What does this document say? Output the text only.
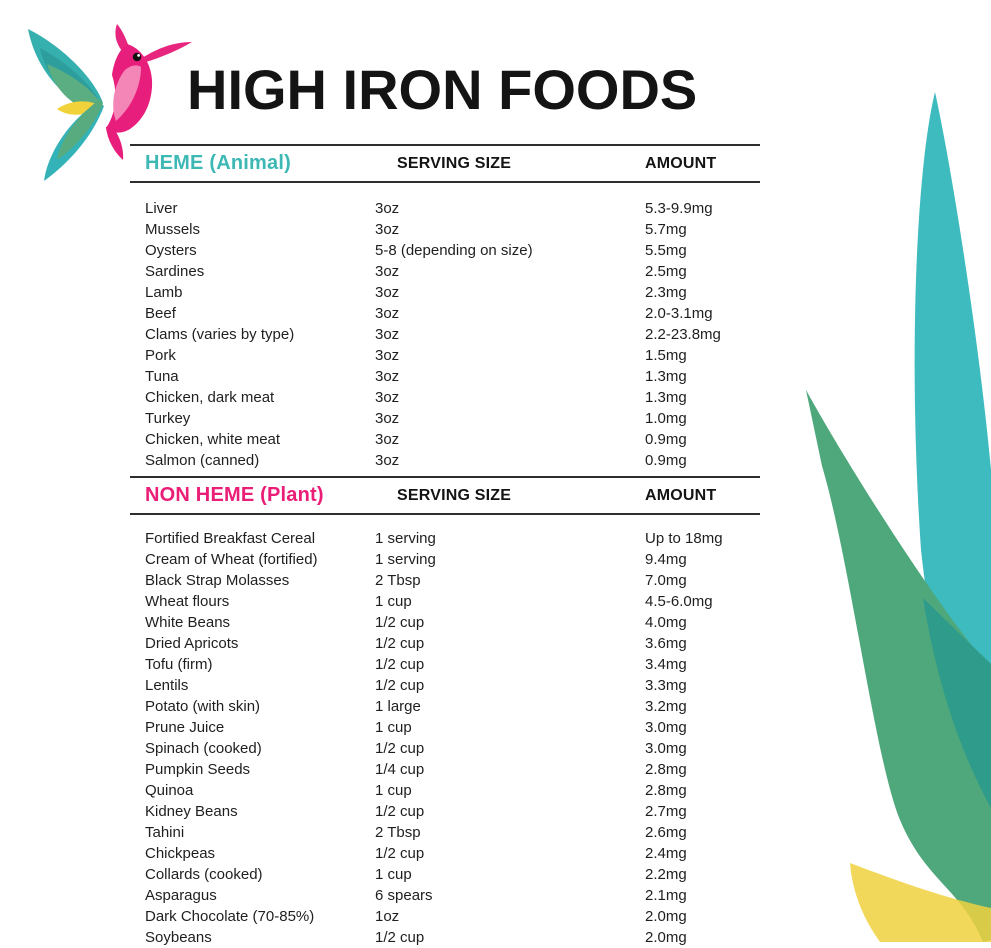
HIGH IRON FOODS
HEME (Animal)	SERVING SIZE	AMOUNT
Liver	3oz	5.3-9.9mg
Mussels	3oz	5.7mg
Oysters	5-8 (depending on size)	5.5mg
Sardines	3oz	2.5mg
Lamb	3oz	2.3mg
Beef	3oz	2.0-3.1mg
Clams (varies by type)	3oz	2.2-23.8mg
Pork	3oz	1.5mg
Tuna	3oz	1.3mg
Chicken, dark meat	3oz	1.3mg
Turkey	3oz	1.0mg
Chicken, white meat	3oz	0.9mg
Salmon (canned)	3oz	0.9mg
NON HEME (Plant)	SERVING SIZE	AMOUNT
Fortified Breakfast Cereal	1 serving	Up to 18mg
Cream of Wheat (fortified)	1 serving	9.4mg
Black Strap Molasses	2 Tbsp	7.0mg
Wheat flours	1 cup	4.5-6.0mg
White Beans	1/2 cup	4.0mg
Dried Apricots	1/2 cup	3.6mg
Tofu (firm)	1/2 cup	3.4mg
Lentils	1/2 cup	3.3mg
Potato (with skin)	1 large	3.2mg
Prune Juice	1 cup	3.0mg
Spinach (cooked)	1/2 cup	3.0mg
Pumpkin Seeds	1/4 cup	2.8mg
Quinoa	1 cup	2.8mg
Kidney Beans	1/2 cup	2.7mg
Tahini	2 Tbsp	2.6mg
Chickpeas	1/2 cup	2.4mg
Collards (cooked)	1 cup	2.2mg
Asparagus	6 spears	2.1mg
Dark Chocolate (70-85%)	1oz	2.0mg
Soybeans	1/2 cup	2.0mg
